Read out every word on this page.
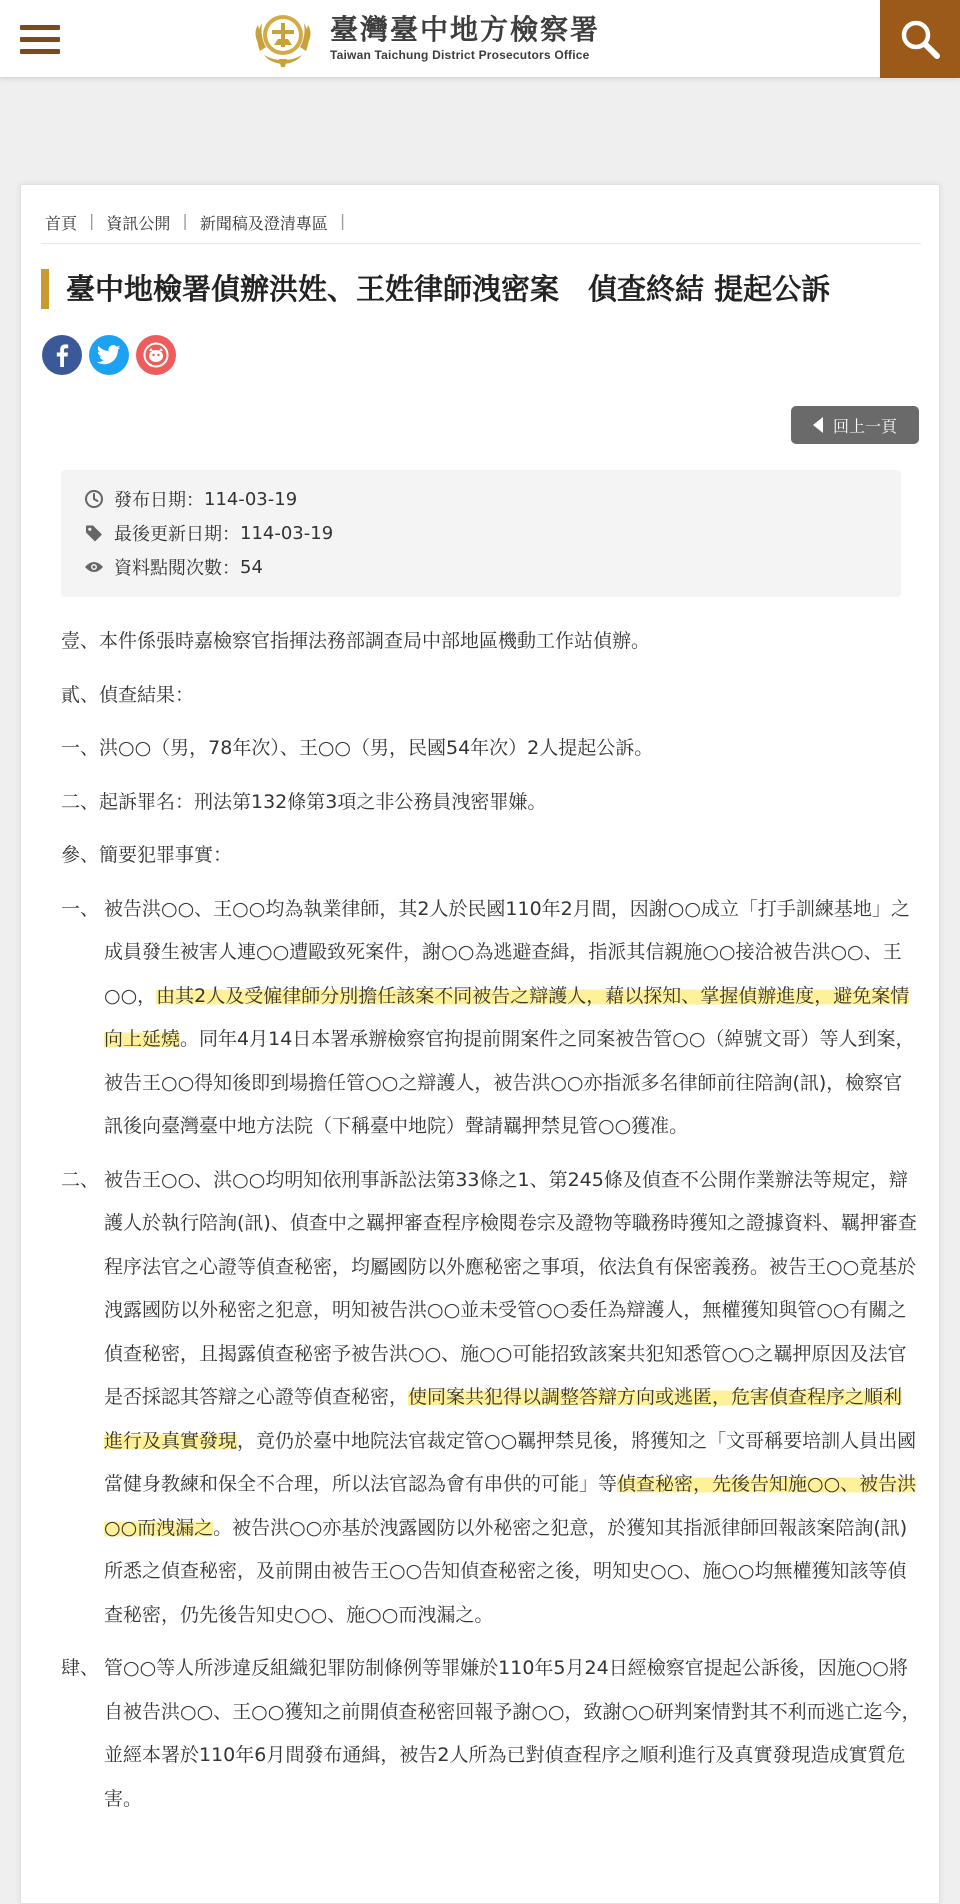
臺灣臺中地方檢察署
Taiwan Taichung District Prosecutors Office
首頁 | 資訊公開 | 新聞稿及澄清專區 |
臺中地檢署偵辦洪姓、王姓律師洩密案　偵查終結 提起公訴
回上一頁
發布日期： 114-03-19
最後更新日期： 114-03-19
資料點閱次數： 54

壹、本件係張時嘉檢察官指揮法務部調查局中部地區機動工作站偵辦。

貳、偵查結果：

一、洪○○（男，78年次）、王○○（男，民國54年次）2人提起公訴。

二、起訴罪名：刑法第132條第3項之非公務員洩密罪嫌。

參、簡要犯罪事實：

一、 被告洪○○、王○○均為執業律師，其2人於民國110年2月間，因謝○○成立「打手訓練基地」之成員發生被害人連○○遭毆致死案件，謝○○為逃避查緝，指派其信親施○○接洽被告洪○○、王○○，由其2人及受僱律師分別擔任該案不同被告之辯護人，藉以探知、掌握偵辦進度，避免案情向上延燒。同年4月14日本署承辦檢察官拘提前開案件之同案被告管○○（綽號文哥）等人到案，被告王○○得知後即到場擔任管○○之辯護人，被告洪○○亦指派多名律師前往陪詢(訊)，檢察官訊後向臺灣臺中地方法院（下稱臺中地院）聲請羈押禁見管○○獲准。

二、 被告王○○、洪○○均明知依刑事訴訟法第33條之1、第245條及偵查不公開作業辦法等規定，辯護人於執行陪詢(訊)、偵查中之羈押審查程序檢閱卷宗及證物等職務時獲知之證據資料、羈押審查程序法官之心證等偵查秘密，均屬國防以外應秘密之事項，依法負有保密義務。被告王○○竟基於洩露國防以外秘密之犯意，明知被告洪○○並未受管○○委任為辯護人，無權獲知與管○○有關之偵查秘密，且揭露偵查秘密予被告洪○○、施○○可能招致該案共犯知悉管○○之羈押原因及法官是否採認其答辯之心證等偵查秘密，使同案共犯得以調整答辯方向或逃匿，危害偵查程序之順利進行及真實發現，竟仍於臺中地院法官裁定管○○羈押禁見後，將獲知之「文哥稱要培訓人員出國當健身教練和保全不合理，所以法官認為會有串供的可能」等偵查秘密，先後告知施○○、被告洪○○而洩漏之。被告洪○○亦基於洩露國防以外秘密之犯意，於獲知其指派律師回報該案陪詢(訊)所悉之偵查秘密，及前開由被告王○○告知偵查秘密之後，明知史○○、施○○均無權獲知該等偵查秘密，仍先後告知史○○、施○○而洩漏之。

肆、 管○○等人所涉違反組織犯罪防制條例等罪嫌於110年5月24日經檢察官提起公訴後，因施○○將自被告洪○○、王○○獲知之前開偵查秘密回報予謝○○，致謝○○研判案情對其不利而逃亡迄今，並經本署於110年6月間發布通緝，被告2人所為已對偵查程序之順利進行及真實發現造成實質危害。
